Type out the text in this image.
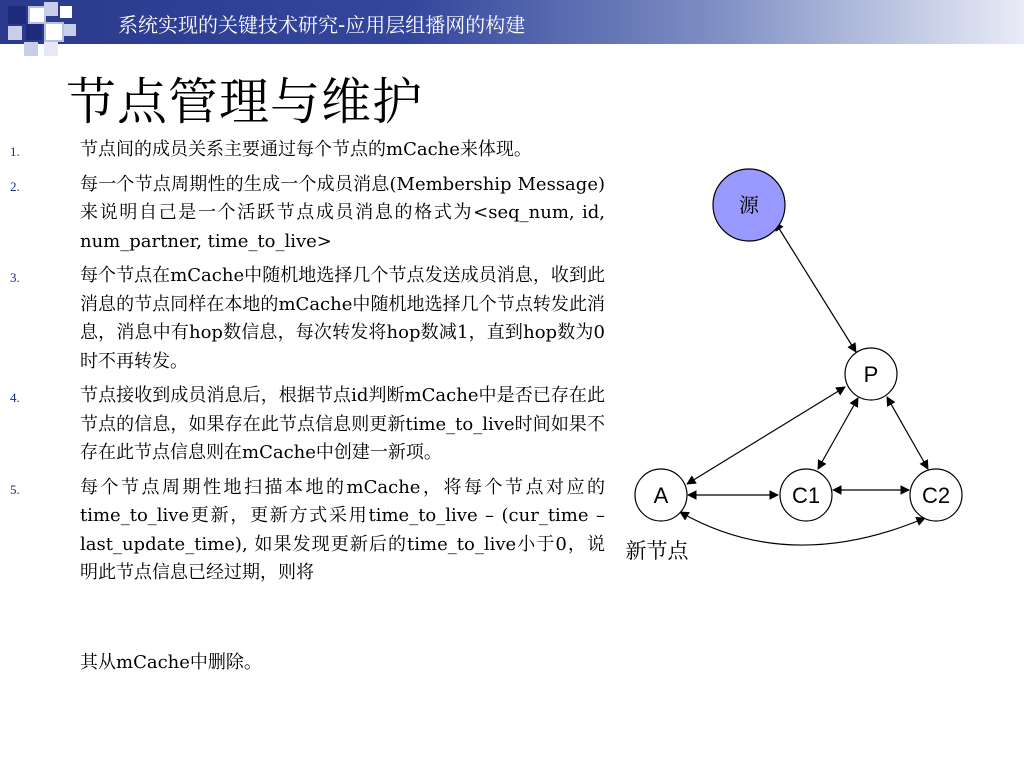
系统实现的关键技术研究-应用层组播网的构建
节点管理与维护
1.	节点间的成员关系主要通过每个节点的mCache来体现。
2.	每一个节点周期性的生成一个成员消息(Membership Message)来说明自己是一个活跃节点成员消息的格式为<seq_num, id, num_partner, time_to_live>
3.	每个节点在mCache中随机地选择几个节点发送成员消息，收到此消息的节点同样在本地的mCache中随机地选择几个节点转发此消息，消息中有hop数信息，每次转发将hop数减1，直到hop数为0时不再转发。
4.	节点接收到成员消息后，根据节点id判断mCache中是否已存在此节点的信息，如果存在此节点信息则更新time_to_live时间如果不存在此节点信息则在mCache中创建一新项。
5.	每个节点周期性地扫描本地的mCache，将每个节点对应的time_to_live更新，更新方式采用time_to_live – (cur_time – last_update_time), 如果发现更新后的time_to_live小于0，说明此节点信息已经过期，则将
其从mCache中删除。
源
P
A	C1	C2
新节点
